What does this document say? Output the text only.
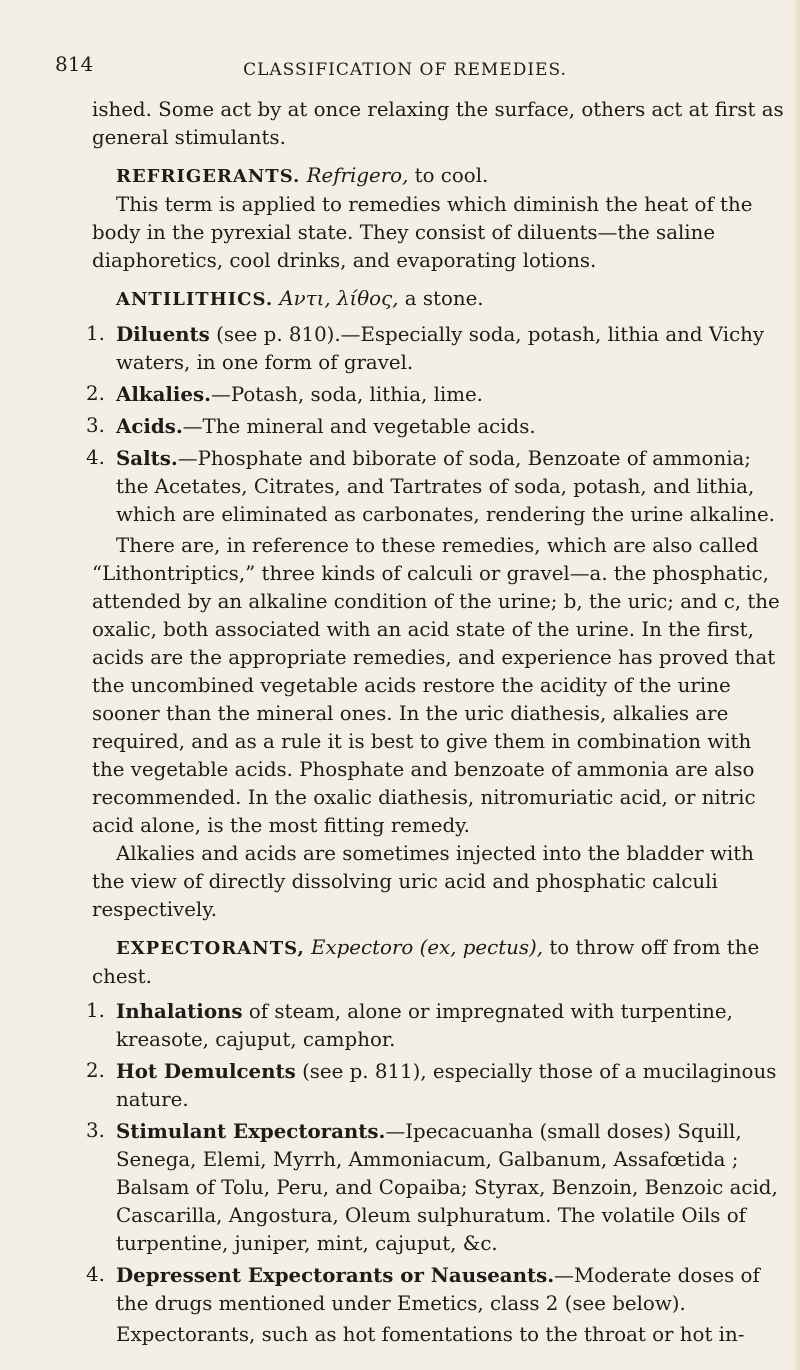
814	CLASSIFICATION OF REMEDIES.

ished. Some act by at once relaxing the surface, others act at first as general stimulants.

REFRIGERANTS. Refrigero, to cool.

This term is applied to remedies which diminish the heat of the body in the pyrexial state. They consist of diluents—the saline diaphoretics, cool drinks, and evaporating lotions.

ANTILITHICS. Αντι, λίθος, a stone.

1. Diluents (see p. 810).—Especially soda, potash, lithia and Vichy waters, in one form of gravel.
2. Alkalies.—Potash, soda, lithia, lime.
3. Acids.—The mineral and vegetable acids.
4. Salts.—Phosphate and biborate of soda, Benzoate of ammonia; the Acetates, Citrates, and Tartrates of soda, potash, and lithia, which are eliminated as carbonates, rendering the urine alkaline.

There are, in reference to these remedies, which are also called “Lithontriptics,” three kinds of calculi or gravel—a. the phosphatic, attended by an alkaline condition of the urine; b, the uric; and c, the oxalic, both associated with an acid state of the urine. In the first, acids are the appropriate remedies, and experience has proved that the uncombined vegetable acids restore the acidity of the urine sooner than the mineral ones. In the uric diathesis, alkalies are required, and as a rule it is best to give them in combination with the vegetable acids. Phosphate and benzoate of ammonia are also recommended. In the oxalic diathesis, nitromuriatic acid, or nitric acid alone, is the most fitting remedy.

Alkalies and acids are sometimes injected into the bladder with the view of directly dissolving uric acid and phosphatic calculi respectively.

EXPECTORANTS, Expectoro (ex, pectus), to throw off from the chest.

1. Inhalations of steam, alone or impregnated with turpentine, kreasote, cajuput, camphor.
2. Hot Demulcents (see p. 811), especially those of a mucilaginous nature.
3. Stimulant Expectorants.—Ipecacuanha (small doses) Squill, Senega, Elemi, Myrrh, Ammoniacum, Galbanum, Assafœtida ; Balsam of Tolu, Peru, and Copaiba; Styrax, Benzoin, Benzoic acid, Cascarilla, Angostura, Oleum sulphuratum. The volatile Oils of turpentine, juniper, mint, cajuput, &c.
4. Depressent Expectorants or Nauseants.—Moderate doses of the drugs mentioned under Emetics, class 2 (see below).

Expectorants, such as hot fomentations to the throat or hot in-
